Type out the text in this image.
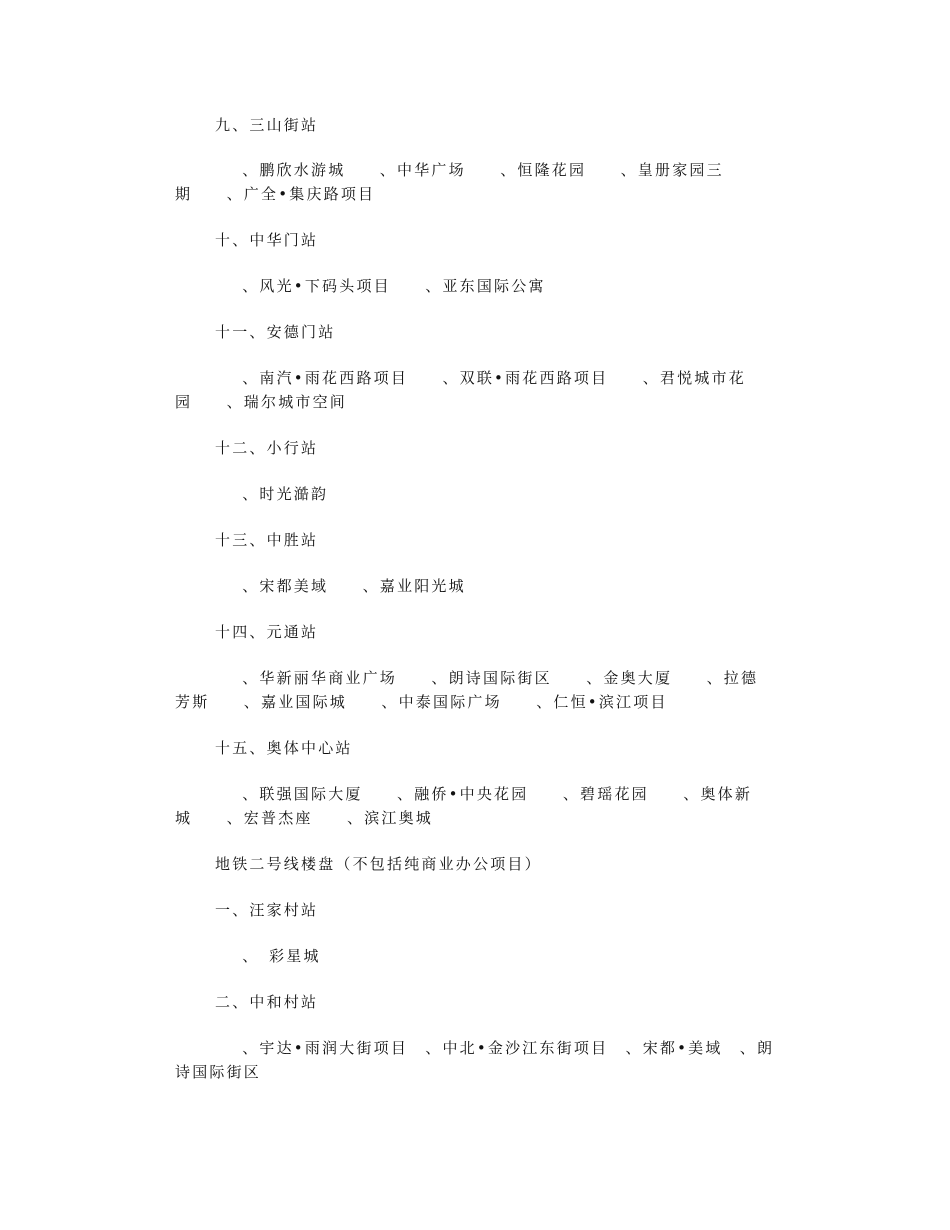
九、三山街站
　、鹏欣水游城　　、中华广场　　、恒隆花园　　、皇册家园三期　　、广全•集庆路项目
十、中华门站
　、风光•下码头项目　　、亚东国际公寓
十一、安德门站
　、南汽•雨花西路项目　　、双联•雨花西路项目　　、君悦城市花园　　、瑞尔城市空间
十二、小行站
　、时光澔韵
十三、中胜站
　、宋都美域　　、嘉业阳光城
十四、元通站
　、华新丽华商业广场　　、朗诗国际街区　　、金奥大厦　　、拉德芳斯　　、嘉业国际城　　、中泰国际广场　　、仁恒•滨江项目
十五、奥体中心站
　、联强国际大厦　　、融侨•中央花园　　、碧瑶花园　　、奥体新城　　、宏普杰座　　、滨江奥城
地铁二号线楼盘（不包括纯商业办公项目）
一、汪家村站
　、　彩星城
二、中和村站
　、宇达•雨润大街项目　、中北•金沙江东街项目　、宋都•美域　、朗诗国际街区
